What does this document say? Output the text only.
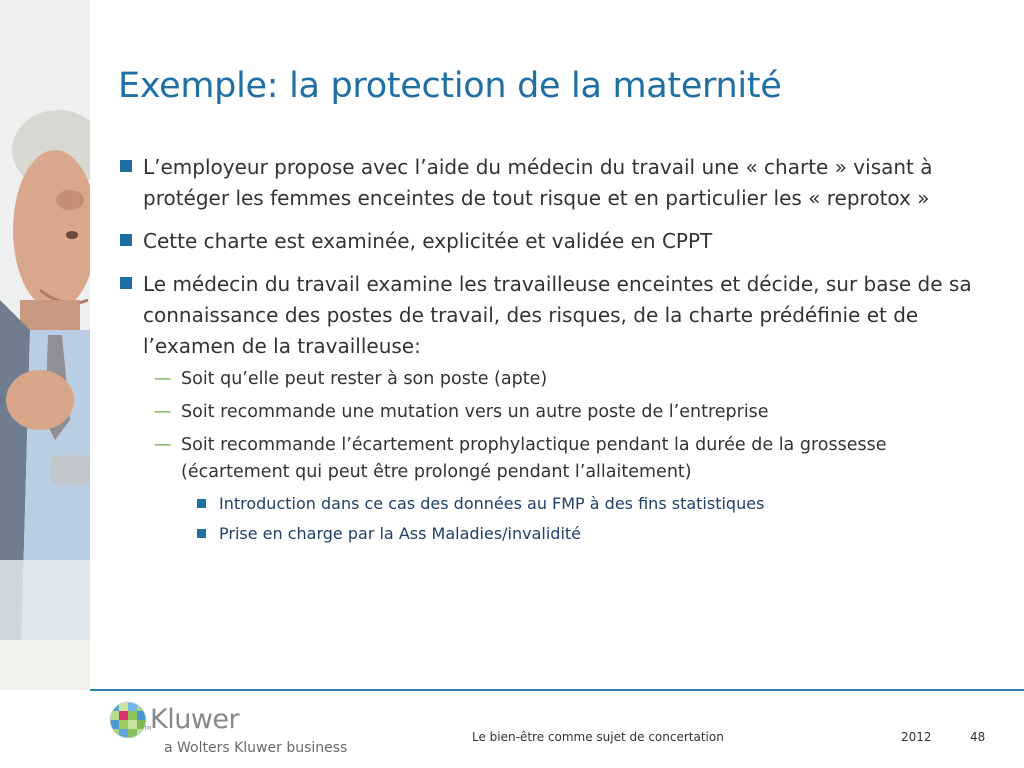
Exemple: la protection de la maternité
L’employeur propose avec l’aide du médecin du travail une « charte » visant à protéger les femmes enceintes de tout risque et en particulier les « reprotox »
Cette charte est examinée, explicitée et validée en CPPT
Le médecin du travail examine les travailleuse enceintes et décide, sur base de sa connaissance des postes de travail, des risques, de la charte prédéfinie et de l’examen de la travailleuse:
— Soit qu’elle peut rester à son poste (apte)
— Soit recommande une mutation vers un autre poste de l’entreprise
— Soit recommande l’écartement prophylactique pendant la durée de la grossesse (écartement qui peut être prolongé pendant l’allaitement)
Introduction dans ce cas des données au FMP à des fins statistiques
Prise en charge par la Ass Maladies/invalidité
TM
Kluwer
a Wolters Kluwer business
Le bien-être comme sujet de concertation	2012	48
